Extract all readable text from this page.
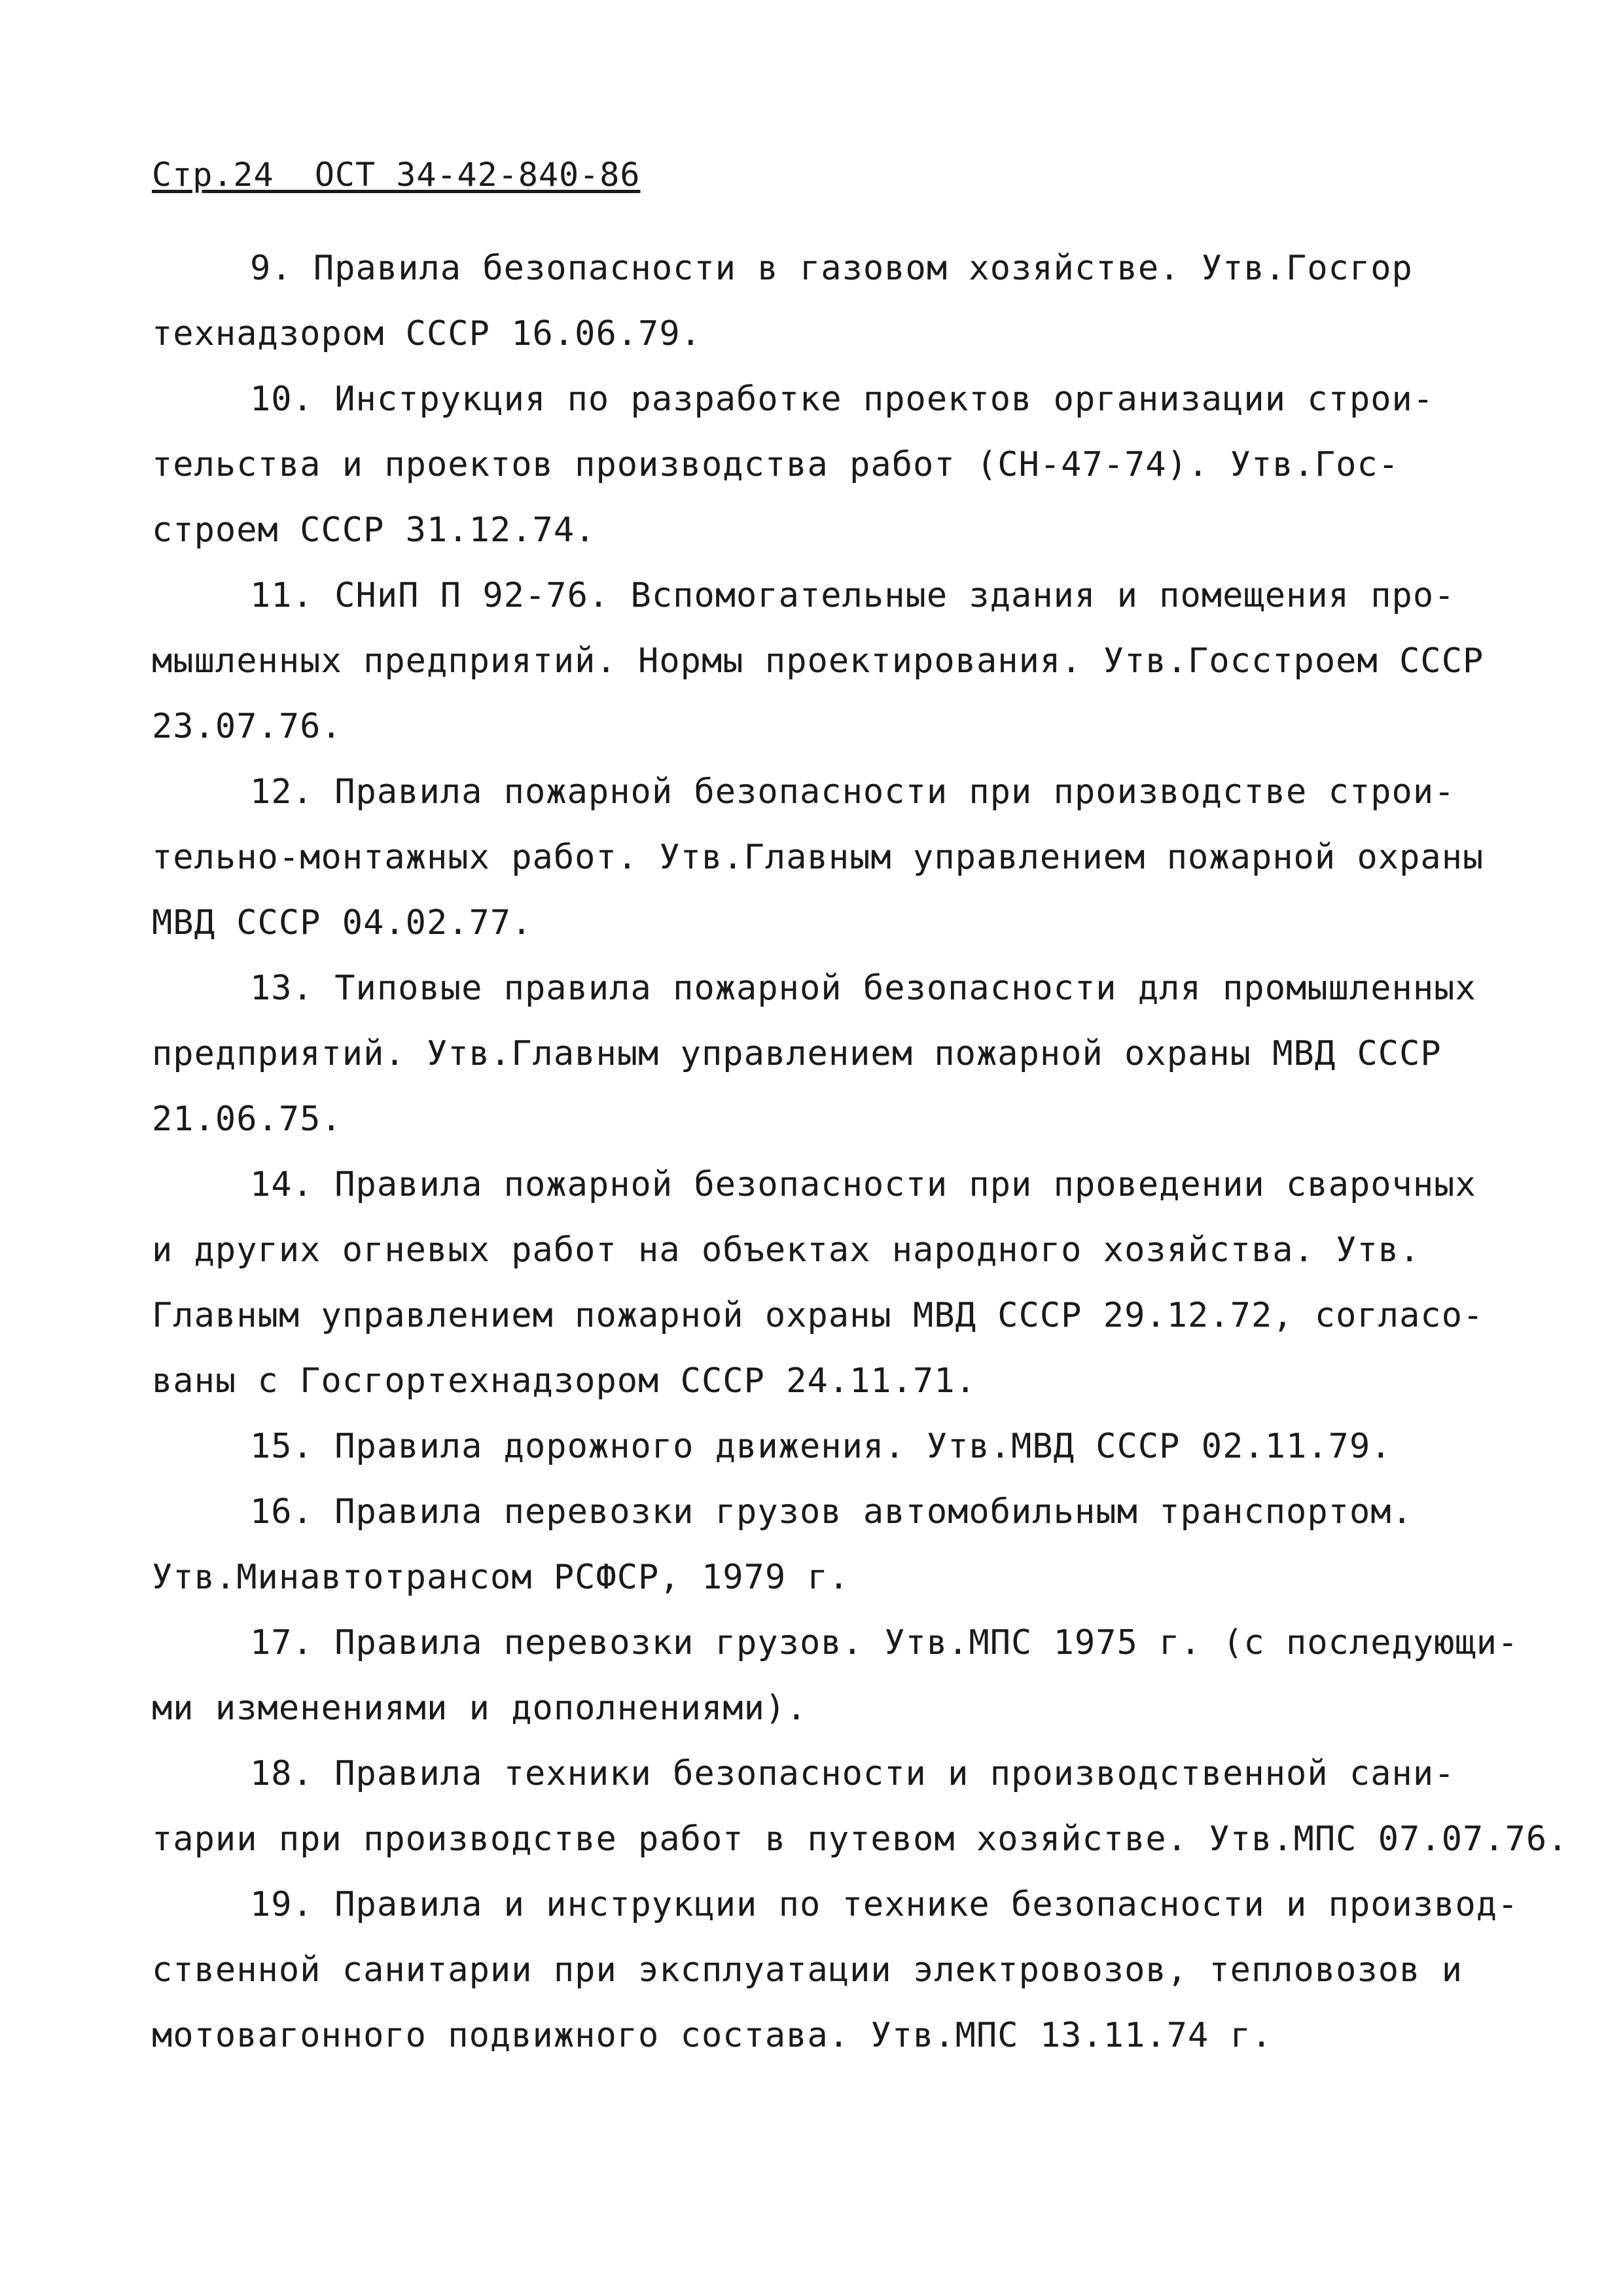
Стр.24  ОСТ 34-42-840-86
9. Правила безопасности в газовом хозяйстве. Утв.Госгор
технадзором СССР 16.06.79.
10. Инструкция по разработке проектов организации строи-
тельства и проектов производства работ (СН-47-74). Утв.Гос-
строем СССР 31.12.74.
11. СНиП П 92-76. Вспомогательные здания и помещения про-
мышленных предприятий. Нормы проектирования. Утв.Госстроем СССР
23.07.76.
12. Правила пожарной безопасности при производстве строи-
тельно-монтажных работ. Утв.Главным управлением пожарной охраны
МВД СССР 04.02.77.
13. Типовые правила пожарной безопасности для промышленных
предприятий. Утв.Главным управлением пожарной охраны МВД СССР
21.06.75.
14. Правила пожарной безопасности при проведении сварочных
и других огневых работ на объектах народного хозяйства. Утв.
Главным управлением пожарной охраны МВД СССР 29.12.72, согласо-
ваны с Госгортехнадзором СССР 24.11.71.
15. Правила дорожного движения. Утв.МВД СССР 02.11.79.
16. Правила перевозки грузов автомобильным транспортом.
Утв.Минавтотрансом РСФСР, 1979 г.
17. Правила перевозки грузов. Утв.МПС 1975 г. (с последующи-
ми изменениями и дополнениями).
18. Правила техники безопасности и производственной сани-
тарии при производстве работ в путевом хозяйстве. Утв.МПС 07.07.76.
19. Правила и инструкции по технике безопасности и производ-
ственной санитарии при эксплуатации электровозов, тепловозов и
мотовагонного подвижного состава. Утв.МПС 13.11.74 г.
